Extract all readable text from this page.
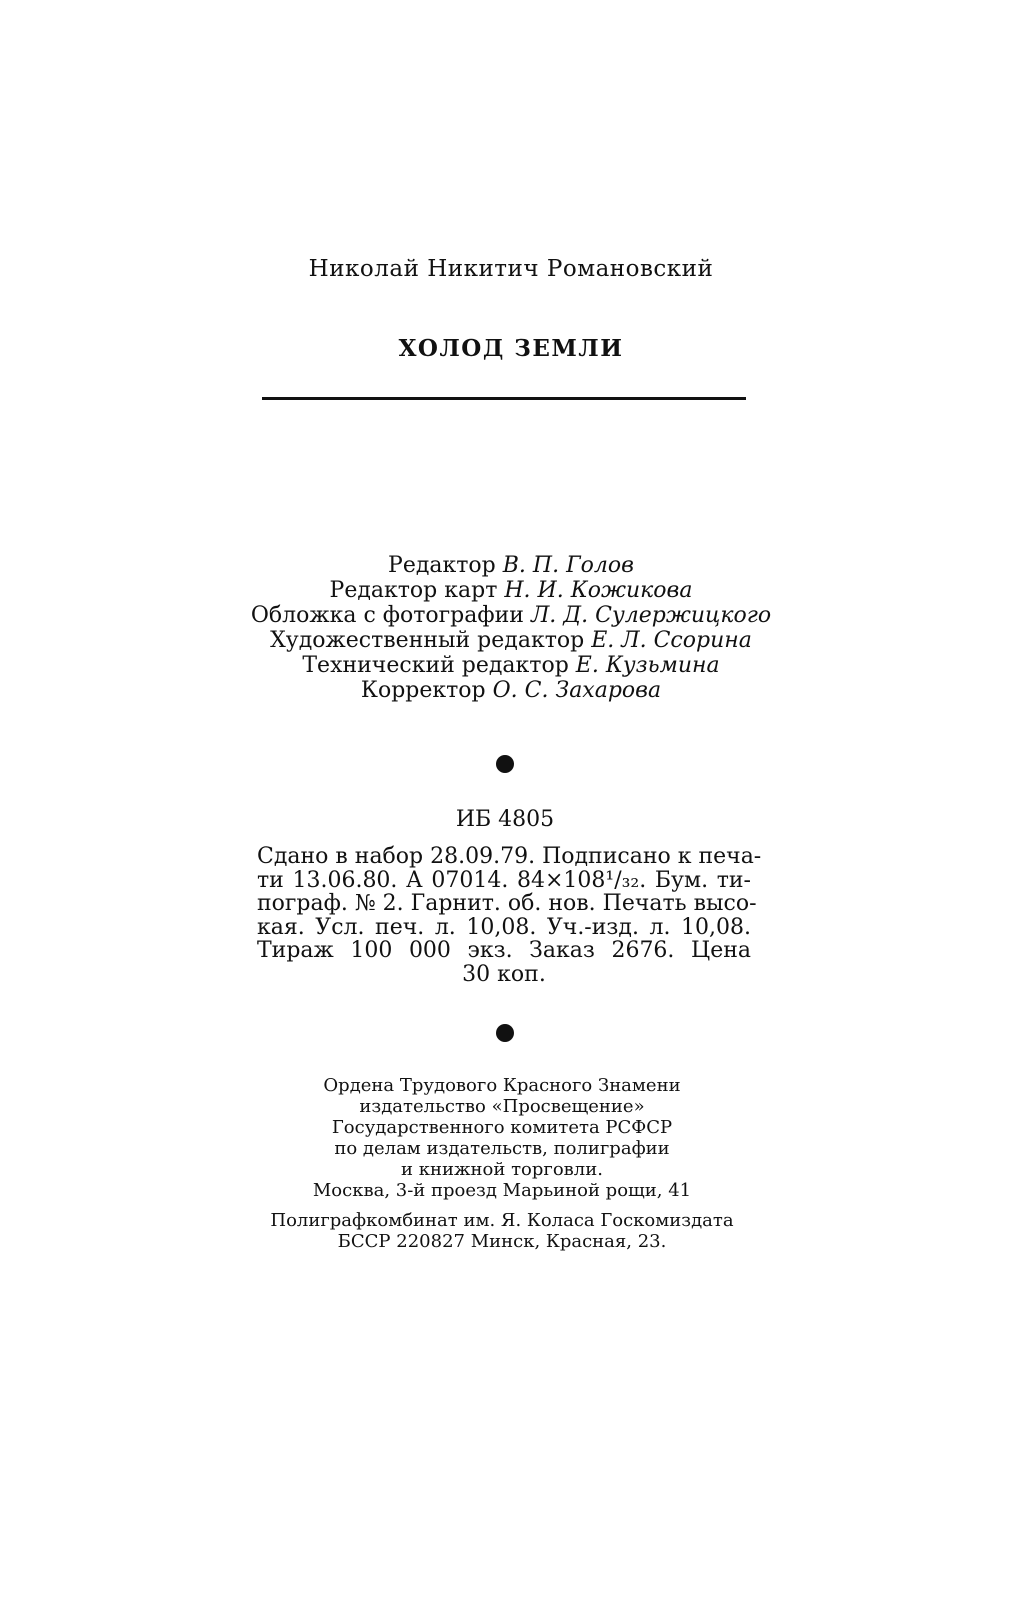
Николай Никитич Романовский
ХОЛОД ЗЕМЛИ
Редактор В. П. Голов
Редактор карт Н. И. Кожикова
Обложка с фотографии Л. Д. Сулержицкого
Художественный редактор Е. Л. Ссорина
Технический редактор Е. Кузьмина
Корректор О. С. Захарова
ИБ 4805
Сдано в набор 28.09.79. Подписано к печа-
ти 13.06.80. А 07014. 84×108¹/₃₂. Бум. ти-
пограф. № 2. Гарнит. об. нов. Печать высо-
кая. Усл. печ. л. 10,08. Уч.-изд. л. 10,08.
Тираж 100 000 экз. Заказ 2676. Цена
30 коп.
Ордена Трудового Красного Знамени
издательство «Просвещение»
Государственного комитета РСФСР
по делам издательств, полиграфии
и книжной торговли.
Москва, 3-й проезд Марьиной рощи, 41
Полиграфкомбинат им. Я. Коласа Госкомиздата
БССР 220827 Минск, Красная, 23.
